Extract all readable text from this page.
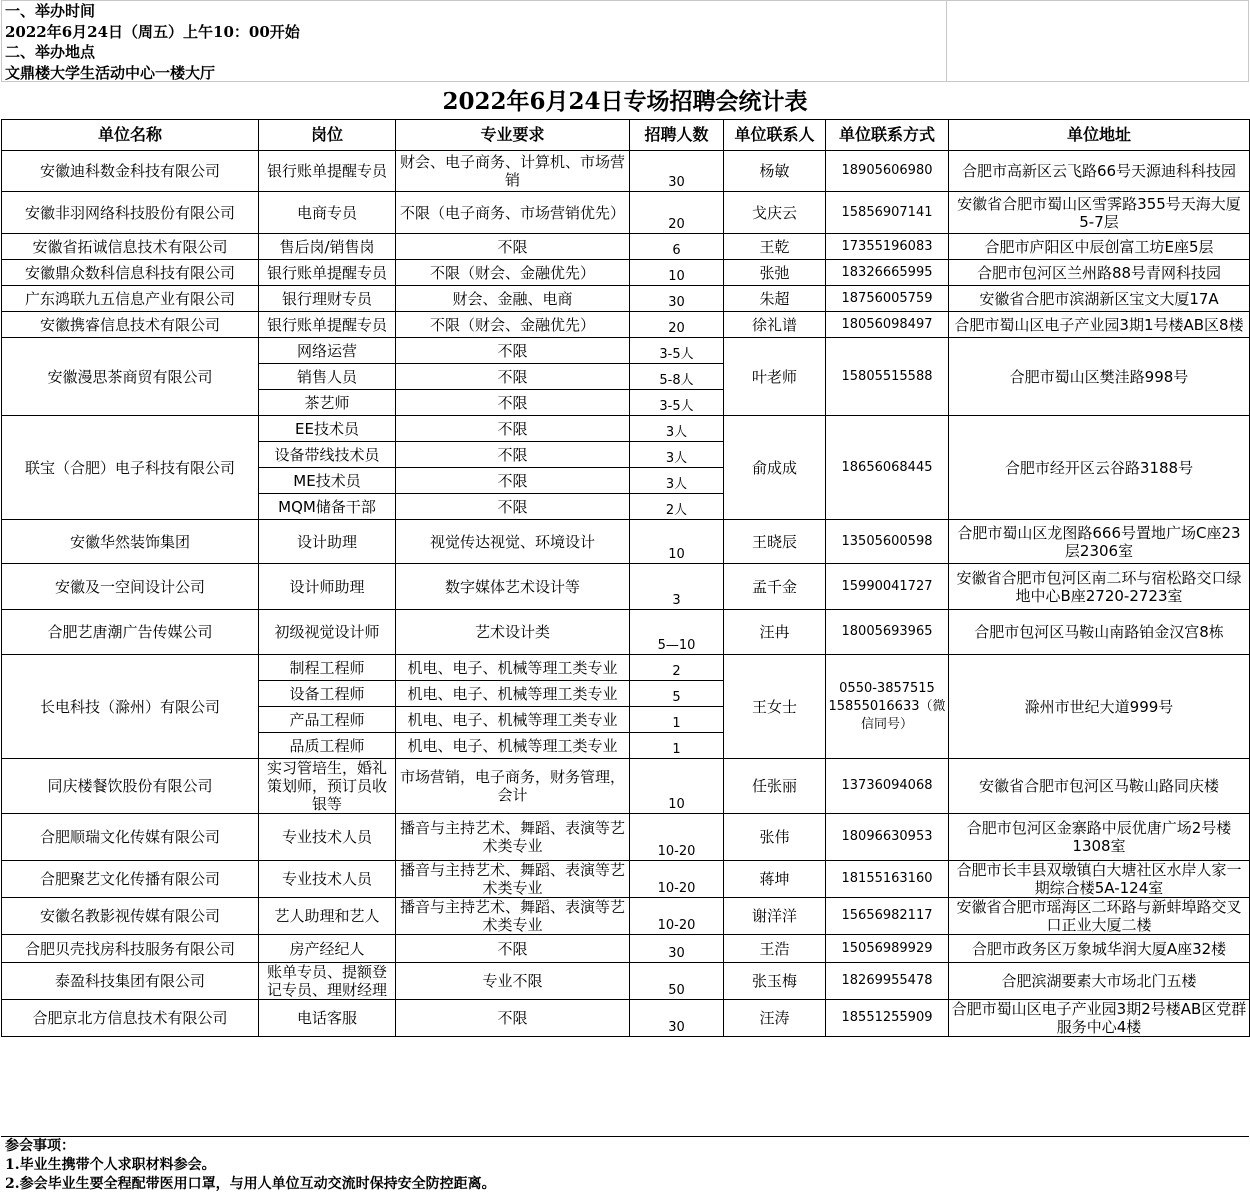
一、举办时间
2022年6月24日（周五）上午10：00开始
二、举办地点
文鼎楼大学生活动中心一楼大厅
2022年6月24日专场招聘会统计表
单位名称	岗位	专业要求	招聘人数	单位联系人	单位联系方式	单位地址
安徽迪科数金科技有限公司	银行账单提醒专员	财会、电子商务、计算机、市场营销	30	杨敏	18905606980	合肥市高新区云飞路66号天源迪科科技园
安徽非羽网络科技股份有限公司	电商专员	不限（电子商务、市场营销优先）	20	戈庆云	15856907141	安徽省合肥市蜀山区雪霁路355号天海大厦5-7层
安徽省拓诚信息技术有限公司	售后岗/销售岗	不限	6	王乾	17355196083	合肥市庐阳区中辰创富工坊E座5层
安徽鼎众数科信息科技有限公司	银行账单提醒专员	不限（财会、金融优先）	10	张弛	18326665995	合肥市包河区兰州路88号青网科技园
广东鸿联九五信息产业有限公司	银行理财专员	财会、金融、电商	30	朱超	18756005759	安徽省合肥市滨湖新区宝文大厦17A
安徽携睿信息技术有限公司	银行账单提醒专员	不限（财会、金融优先）	20	徐礼谱	18056098497	合肥市蜀山区电子产业园3期1号楼AB区8楼
安徽漫思茶商贸有限公司	网络运营	不限	3-5人	叶老师	15805515588	合肥市蜀山区樊洼路998号
	销售人员	不限	5-8人			
	茶艺师	不限	3-5人			
联宝（合肥）电子科技有限公司	EE技术员	不限	3人	俞成成	18656068445	合肥市经开区云谷路3188号
	设备带线技术员	不限	3人			
	ME技术员	不限	3人			
	MQM储备干部	不限	2人			
安徽华然装饰集团	设计助理	视觉传达视觉、环境设计	10	王晓辰	13505600598	合肥市蜀山区龙图路666号置地广场C座23层2306室
安徽及一空间设计公司	设计师助理	数字媒体艺术设计等	3	孟千金	15990041727	安徽省合肥市包河区南二环与宿松路交口绿地中心B座2720-2723室
合肥艺唐潮广告传媒公司	初级视觉设计师	艺术设计类	5—10	汪冉	18005693965	合肥市包河区马鞍山南路铂金汉宫8栋
长电科技（滁州）有限公司	制程工程师	机电、电子、机械等理工类专业	2	王女士	0550-3857515 15855016633（微信同号）	滁州市世纪大道999号
	设备工程师	机电、电子、机械等理工类专业	5			
	产品工程师	机电、电子、机械等理工类专业	1			
	品质工程师	机电、电子、机械等理工类专业	1			
同庆楼餐饮股份有限公司	实习管培生，婚礼策划师，预订员收银等	市场营销，电子商务，财务管理，会计	10	任张丽	13736094068	安徽省合肥市包河区马鞍山路同庆楼
合肥顺瑞文化传媒有限公司	专业技术人员	播音与主持艺术、舞蹈、表演等艺术类专业	10-20	张伟	18096630953	合肥市包河区金寨路中辰优唐广场2号楼1308室
合肥聚艺文化传播有限公司	专业技术人员	播音与主持艺术、舞蹈、表演等艺术类专业	10-20	蒋坤	18155163160	合肥市长丰县双墩镇白大塘社区水岸人家一期综合楼5A-124室
安徽名教影视传媒有限公司	艺人助理和艺人	播音与主持艺术、舞蹈、表演等艺术类专业	10-20	谢洋洋	15656982117	安徽省合肥市瑶海区二环路与新蚌埠路交叉口正业大厦二楼
合肥贝壳找房科技服务有限公司	房产经纪人	不限	30	王浩	15056989929	合肥市政务区万象城华润大厦A座32楼
泰盈科技集团有限公司	账单专员、提额登记专员、理财经理	专业不限	50	张玉梅	18269955478	合肥滨湖要素大市场北门五楼
合肥京北方信息技术有限公司	电话客服	不限	30	汪涛	18551255909	合肥市蜀山区电子产业园3期2号楼AB区党群服务中心4楼
参会事项：
1.毕业生携带个人求职材料参会。
2.参会毕业生要全程配带医用口罩，与用人单位互动交流时保持安全防控距离。
